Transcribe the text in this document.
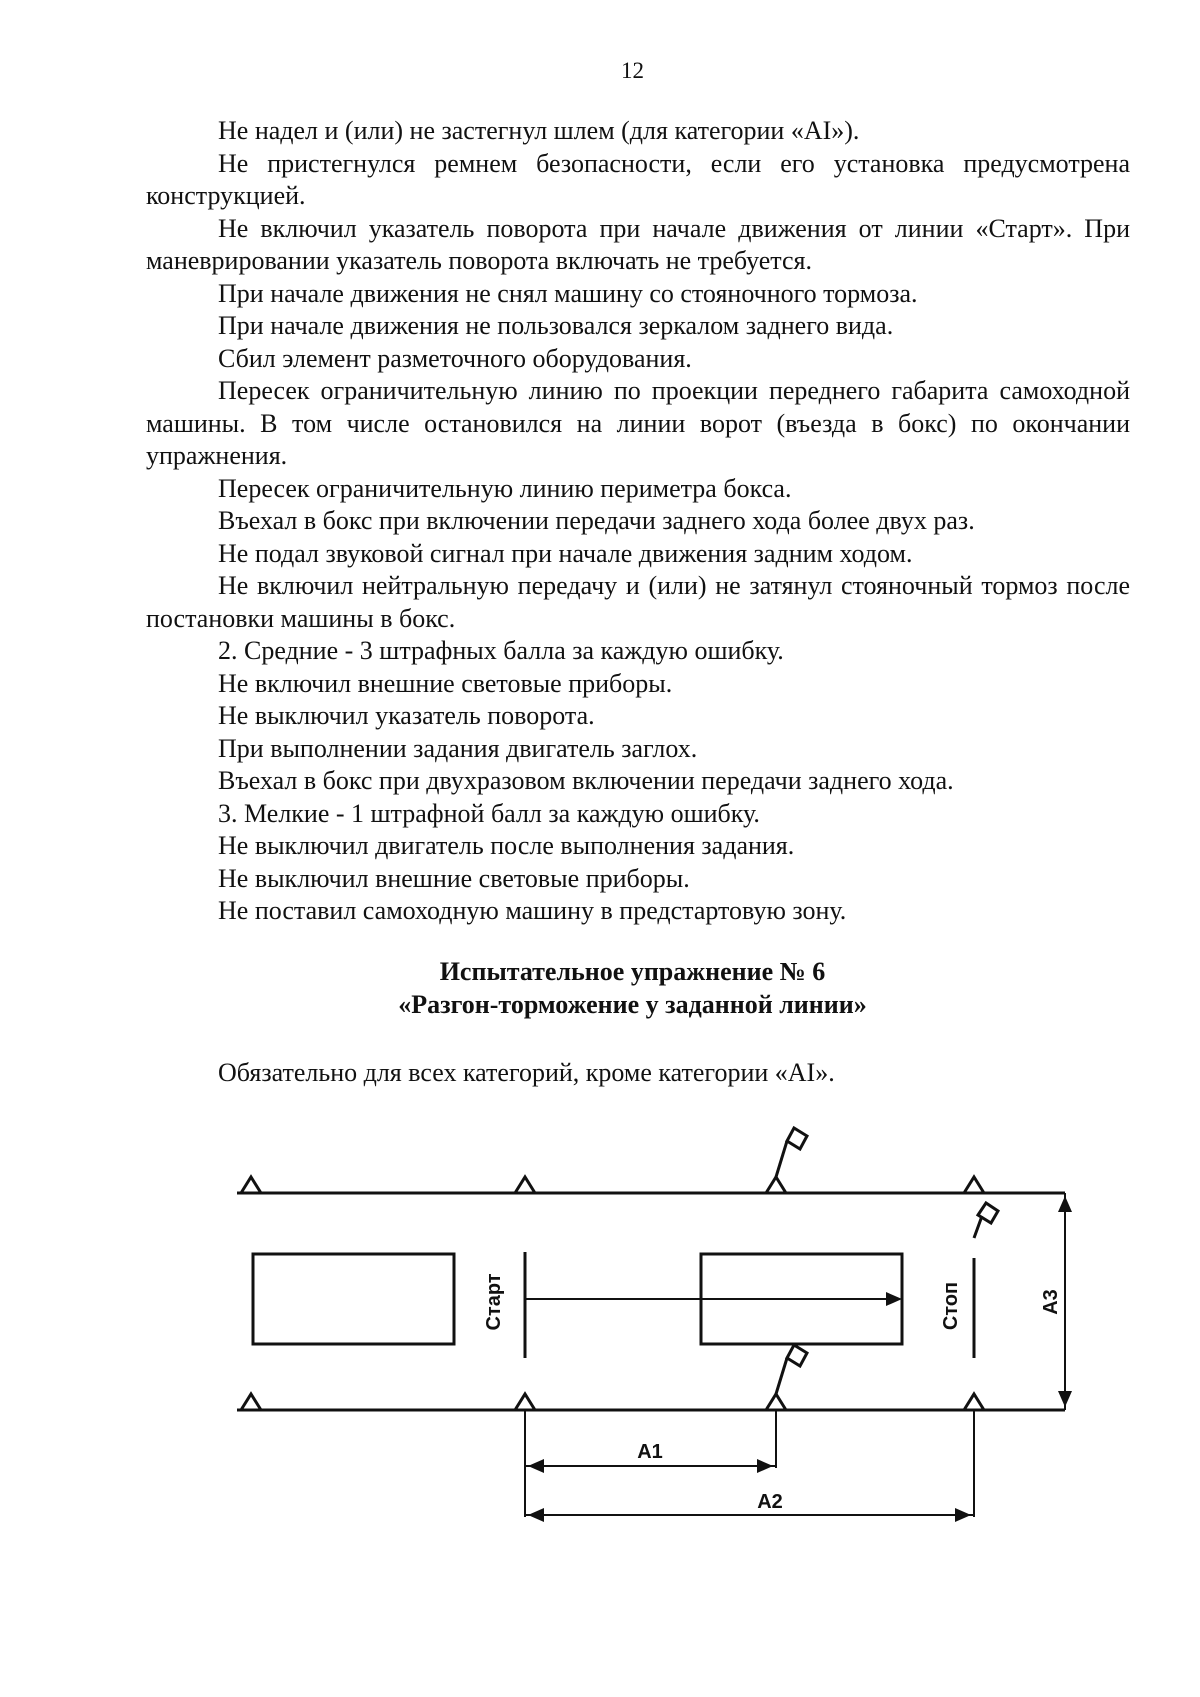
12

Не надел и (или) не застегнул шлем (для категории «AI»).

Не пристегнулся ремнем безопасности, если его установка предусмотрена конструкцией.

Не включил указатель поворота при начале движения от линии «Старт». При маневрировании указатель поворота включать не требуется.

При начале движения не снял машину со стояночного тормоза.

При начале движения не пользовался зеркалом заднего вида.

Сбил элемент разметочного оборудования.

Пересек ограничительную линию по проекции переднего габарита самоходной машины. В том числе остановился на линии ворот (въезда в бокс) по окончании упражнения.

Пересек ограничительную линию периметра бокса.

Въехал в бокс при включении передачи заднего хода более двух раз.

Не подал звуковой сигнал при начале движения задним ходом.

Не включил нейтральную передачу и (или) не затянул стояночный тормоз после постановки машины в бокс.

2. Средние - 3 штрафных балла за каждую ошибку.

Не включил внешние световые приборы.

Не выключил указатель поворота.

При выполнении задания двигатель заглох.

Въехал в бокс при двухразовом включении передачи заднего хода.

3. Мелкие - 1 штрафной балл за каждую ошибку.

Не выключил двигатель после выполнения задания.

Не выключил внешние световые приборы.

Не поставил самоходную машину в предстартовую зону.

Испытательное упражнение № 6
«Разгон-торможение у заданной линии»
Обязательно для всех категорий, кроме категории «AI».
Старт	Стоп	А3
А1
А2
